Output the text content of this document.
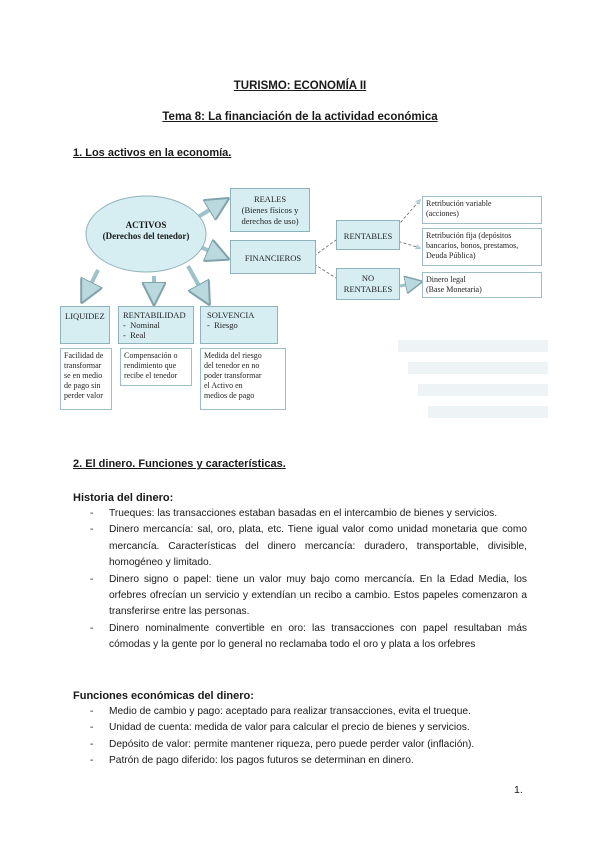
TURISMO: ECONOMÍA II
Tema 8: La financiación de la actividad económica
1. Los activos en la economía.
ACTIVOS
(Derechos del tenedor)
REALES
(Bienes físicos y
derechos de uso)
FINANCIEROS
RENTABLES
NO
RENTABLES
Retribución variable
(acciones)
Retribución fija (depósitos
bancarios, bonos, prestamos,
Deuda Pública)
Dinero legal
(Base Monetaria)
LIQUIDEZ	RENTABILIDAD
-  Nominal
-  Real
SOLVENCIA
-  Riesgo
Facilidad de
transformar
se en medio
de pago sin
perder valor
Compensación o
rendimiento que
recibe el tenedor
Medida del riesgo
del tenedor en no
poder transformar
el Activo en
medios de pago
2. El dinero. Funciones y características.
Historia del dinero:
- Trueques: las transacciones estaban basadas en el intercambio de bienes y servicios.
- Dinero mercancía: sal, oro, plata, etc. Tiene igual valor como unidad monetaria que como mercancía. Características del dinero mercancía: duradero, transportable, divisible, homogéneo y limitado.
- Dinero signo o papel: tiene un valor muy bajo como mercancía. En la Edad Media, los orfebres ofrecían un servicio y extendían un recibo a cambio. Estos papeles comenzaron a transferirse entre las personas.
- Dinero nominalmente convertible en oro: las transacciones con papel resultaban más cómodas y la gente por lo general no reclamaba todo el oro y plata a los orfebres
Funciones económicas del dinero:
- Medio de cambio y pago: aceptado para realizar transacciones, evita el trueque.
- Unidad de cuenta: medida de valor para calcular el precio de bienes y servicios.
- Depósito de valor: permite mantener riqueza, pero puede perder valor (inflación).
- Patrón de pago diferido: los pagos futuros se determinan en dinero.
1.
